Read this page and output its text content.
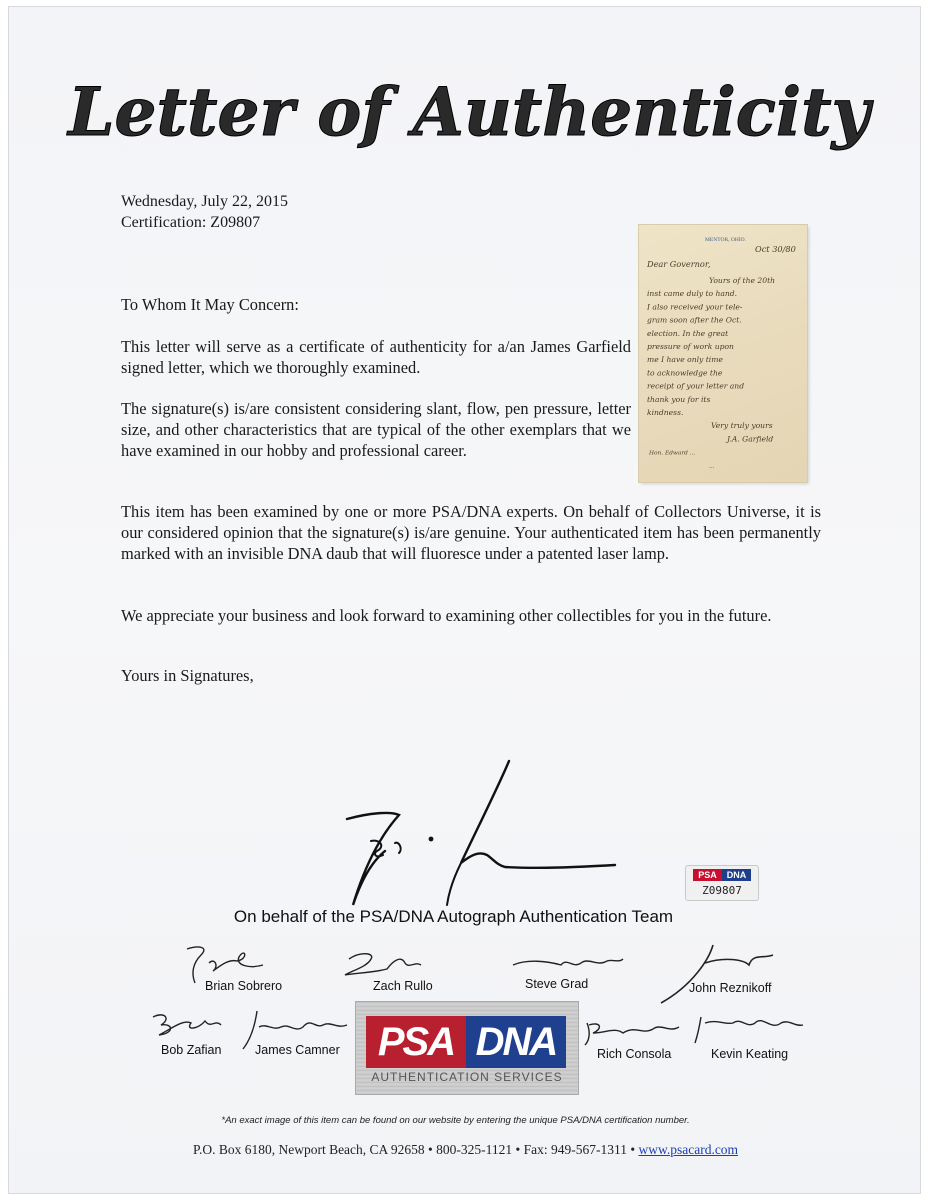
Letter of Authenticity
Wednesday, July 22, 2015
Certification: Z09807
To Whom It May Concern:
This letter will serve as a certificate of authenticity for a/an James Garfield signed letter, which we thoroughly examined.
The signature(s) is/are consistent considering slant, flow, pen pressure, letter size, and other characteristics that are typical of the other exemplars that we have examined in our hobby and professional career.
This item has been examined by one or more PSA/DNA experts. On behalf of Collectors Universe, it is our considered opinion that the signature(s) is/are genuine. Your authenticated item has been permanently marked with an invisible DNA daub that will fluoresce under a patented laser lamp.
We appreciate your business and look forward to examining other collectibles for you in the future.
Yours in Signatures,
MENTOR, OHIO.
Oct 30/80
Dear Governor,
Yours of the 20th
inst came duly to hand.
I also received your tele-
gram soon after the Oct.
election. In the great
pressure of work upon
me I have only time
to acknowledge the
receipt of your letter and
thank you for its
kindness.
Very truly yours
J.A. Garfield
Hon. Edward ...
...
PSA	DNA
Z09807
On behalf of the PSA/DNA Autograph Authentication Team
Brian Sobrero	Zach Rullo	Steve Grad	John Reznikoff
Bob Zafian	James Camner	Rich Consola	Kevin Keating
PSA DNA
AUTHENTICATION SERVICES
*An exact image of this item can be found on our website by entering the unique PSA/DNA certification number.
P.O. Box 6180, Newport Beach, CA 92658 • 800-325-1121 • Fax: 949-567-1311 • www.psacard.com
